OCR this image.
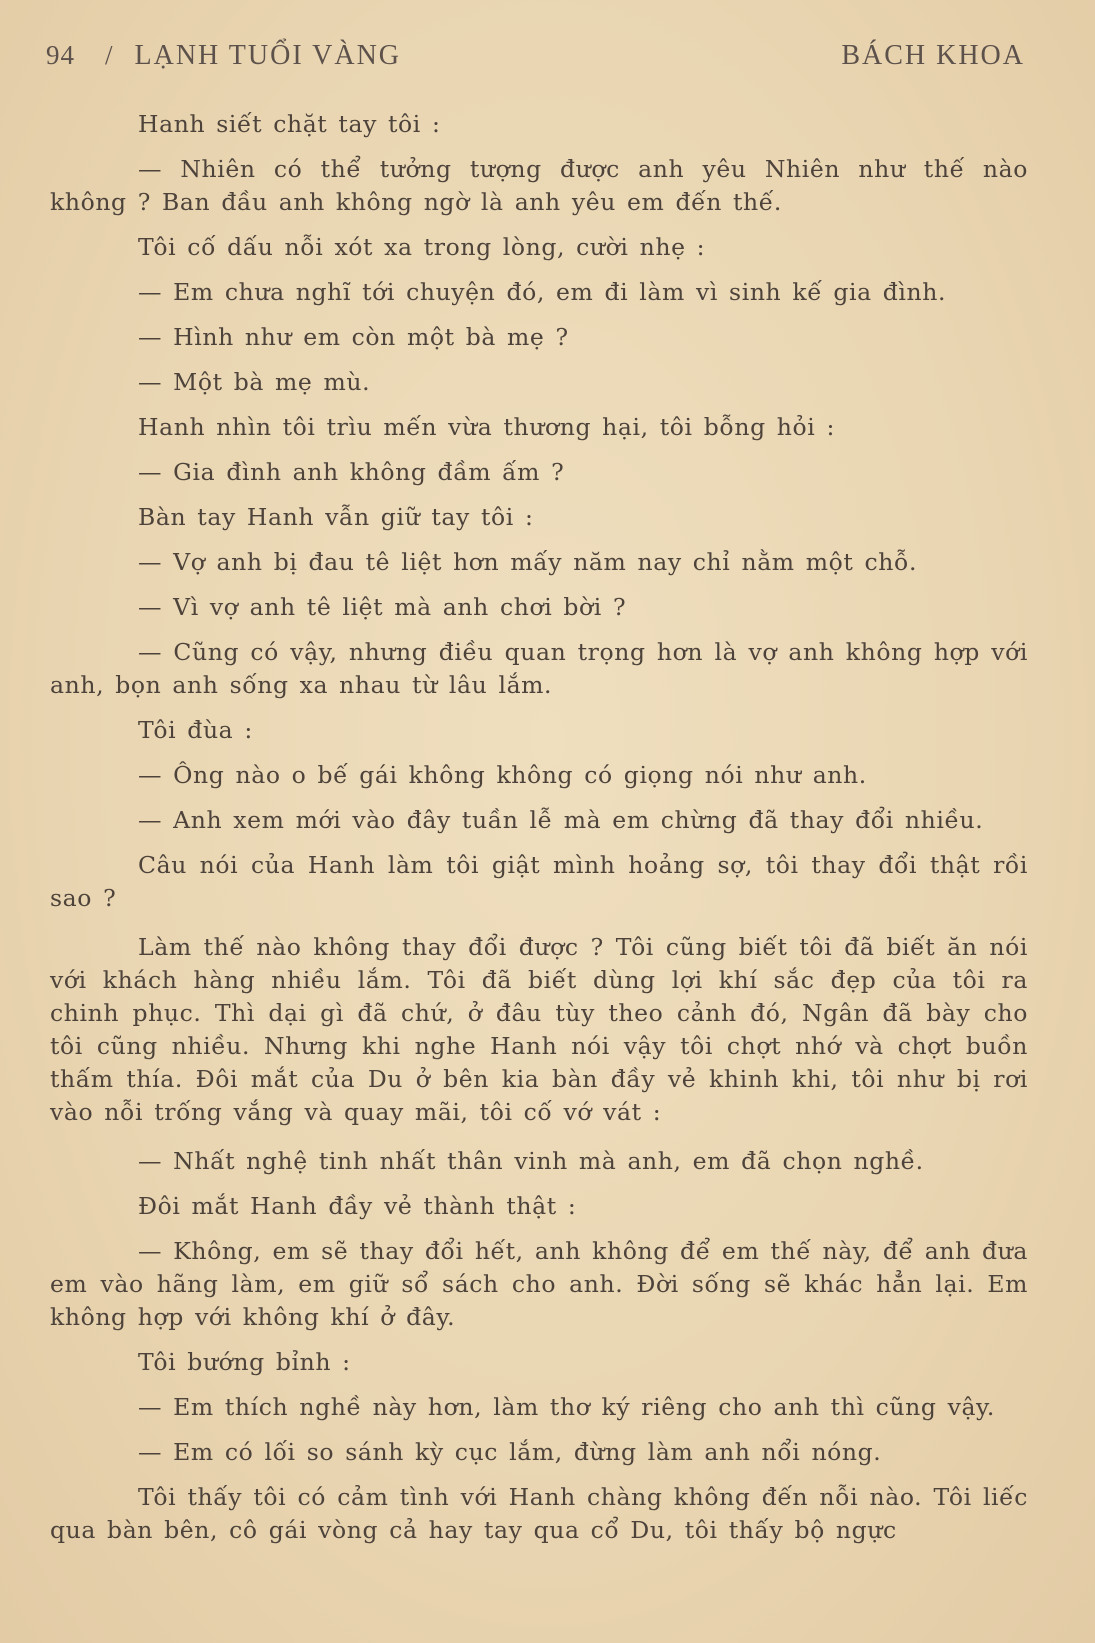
94 / LẠNH TUỔI VÀNG	BÁCH KHOA

Hanh siết chặt tay tôi :

— Nhiên có thể tưởng tượng được anh yêu Nhiên như thế nào không ? Ban đầu anh không ngờ là anh yêu em đến thế.

Tôi cố dấu nỗi xót xa trong lòng, cười nhẹ :

— Em chưa nghĩ tới chuyện đó, em đi làm vì sinh kế gia đình.

— Hình như em còn một bà mẹ ?

— Một bà mẹ mù.

Hanh nhìn tôi trìu mến vừa thương hại, tôi bỗng hỏi :

— Gia đình anh không đầm ấm ?

Bàn tay Hanh vẫn giữ tay tôi :

— Vợ anh bị đau tê liệt hơn mấy năm nay chỉ nằm một chỗ.

— Vì vợ anh tê liệt mà anh chơi bời ?

— Cũng có vậy, nhưng điều quan trọng hơn là vợ anh không hợp với anh, bọn anh sống xa nhau từ lâu lắm.

Tôi đùa :

— Ông nào o bế gái không không có giọng nói như anh.

— Anh xem mới vào đây tuần lễ mà em chừng đã thay đổi nhiều.

Câu nói của Hanh làm tôi giật mình hoảng sợ, tôi thay đổi thật rồi sao ?

Làm thế nào không thay đổi được ? Tôi cũng biết tôi đã biết ăn nói với khách hàng nhiều lắm. Tôi đã biết dùng lợi khí sắc đẹp của tôi ra chinh phục. Thì dại gì đã chứ, ở đâu tùy theo cảnh đó, Ngân đã bày cho tôi cũng nhiều. Nhưng khi nghe Hanh nói vậy tôi chợt nhớ và chợt buồn thấm thía. Đôi mắt của Du ở bên kia bàn đầy vẻ khinh khi, tôi như bị rơi vào nỗi trống vắng và quay mãi, tôi cố vớ vát :

— Nhất nghệ tinh nhất thân vinh mà anh, em đã chọn nghề.

Đôi mắt Hanh đầy vẻ thành thật :

— Không, em sẽ thay đổi hết, anh không để em thế này, để anh đưa em vào hãng làm, em giữ sổ sách cho anh. Đời sống sẽ khác hẳn lại. Em không hợp với không khí ở đây.

Tôi bướng bỉnh :

— Em thích nghề này hơn, làm thơ ký riêng cho anh thì cũng vậy.

— Em có lối so sánh kỳ cục lắm, đừng làm anh nổi nóng.

Tôi thấy tôi có cảm tình với Hanh chàng không đến nỗi nào. Tôi liếc qua bàn bên, cô gái vòng cả hay tay qua cổ Du, tôi thấy bộ ngực
